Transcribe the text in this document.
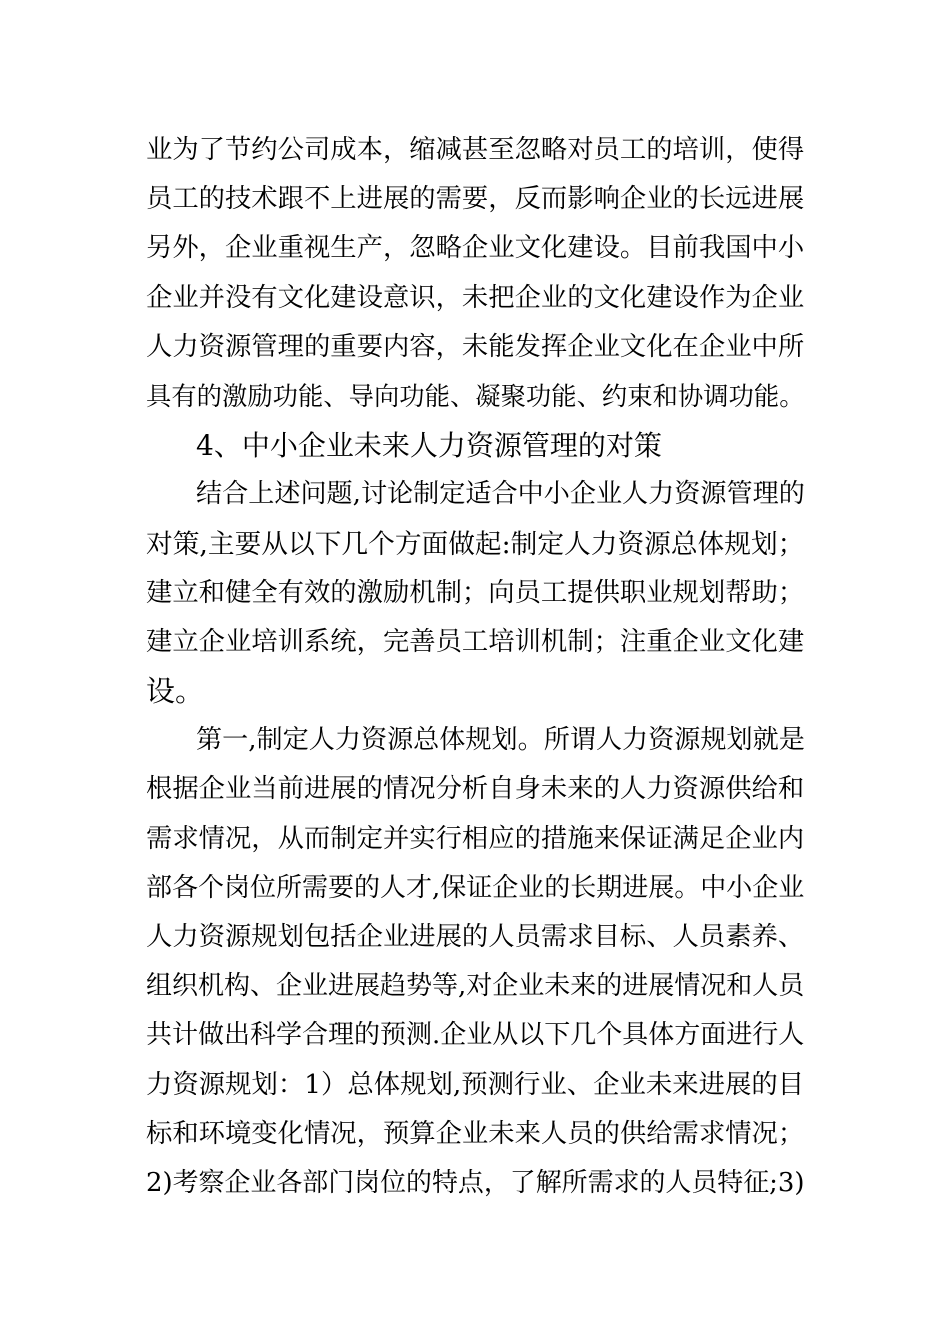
业为了节约公司成本，缩减甚至忽略对员工的培训，使得
员工的技术跟不上进展的需要，反而影响企业的长远进展
另外，企业重视生产，忽略企业文化建设。目前我国中小
企业并没有文化建设意识，未把企业的文化建设作为企业
人力资源管理的重要内容，未能发挥企业文化在企业中所
具有的激励功能、导向功能、凝聚功能、约束和协调功能。
4、中小企业未来人力资源管理的对策
结合上述问题,讨论制定适合中小企业人力资源管理的
对策,主要从以下几个方面做起:制定人力资源总体规划；
建立和健全有效的激励机制；向员工提供职业规划帮助；
建立企业培训系统，完善员工培训机制；注重企业文化建
设。
第一,制定人力资源总体规划。所谓人力资源规划就是
根据企业当前进展的情况分析自身未来的人力资源供给和
需求情况，从而制定并实行相应的措施来保证满足企业内
部各个岗位所需要的人才,保证企业的长期进展。中小企业
人力资源规划包括企业进展的人员需求目标、人员素养、
组织机构、企业进展趋势等,对企业未来的进展情况和人员
共计做出科学合理的预测.企业从以下几个具体方面进行人
力资源规划：1）总体规划,预测行业、企业未来进展的目
标和环境变化情况，预算企业未来人员的供给需求情况；
2)考察企业各部门岗位的特点，了解所需求的人员特征;3)
